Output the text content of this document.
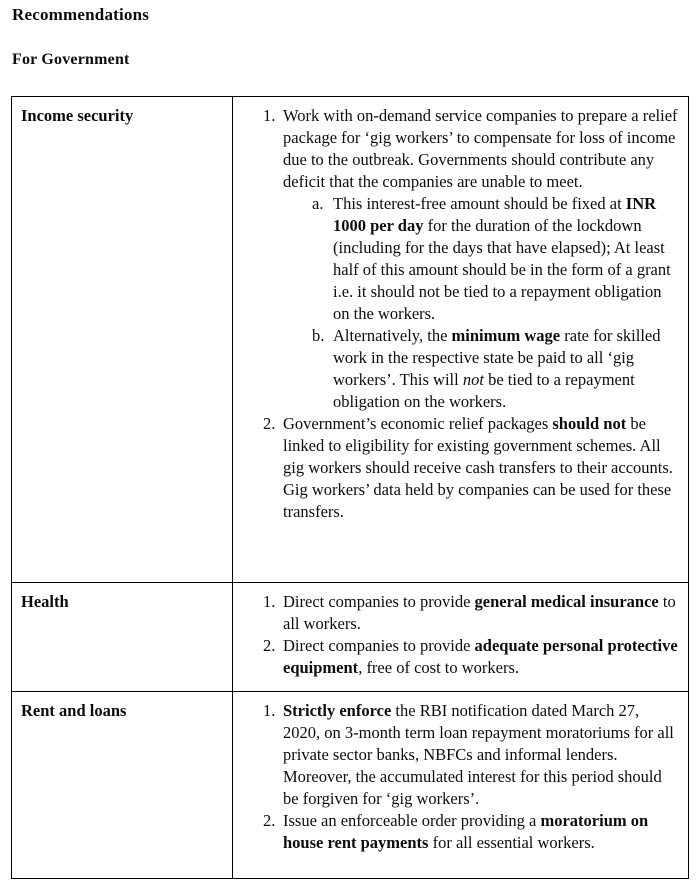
Recommendations
For Government
Income security	1. Work with on-demand service companies to prepare a relief package for ‘gig workers’ to compensate for loss of income due to the outbreak. Governments should contribute any deficit that the companies are unable to meet.
a. This interest-free amount should be fixed at INR 1000 per day for the duration of the lockdown (including for the days that have elapsed); At least half of this amount should be in the form of a grant i.e. it should not be tied to a repayment obligation on the workers.
b. Alternatively, the minimum wage rate for skilled work in the respective state be paid to all ‘gig workers’. This will not be tied to a repayment obligation on the workers.
2. Government’s economic relief packages should not be linked to eligibility for existing government schemes. All gig workers should receive cash transfers to their accounts. Gig workers’ data held by companies can be used for these transfers.

Health	1. Direct companies to provide general medical insurance to all workers.
2. Direct companies to provide adequate personal protective equipment, free of cost to workers.

Rent and loans	1. Strictly enforce the RBI notification dated March 27, 2020, on 3-month term loan repayment moratoriums for all private sector banks, NBFCs and informal lenders. Moreover, the accumulated interest for this period should be forgiven for ‘gig workers’.
2. Issue an enforceable order providing a moratorium on house rent payments for all essential workers.
